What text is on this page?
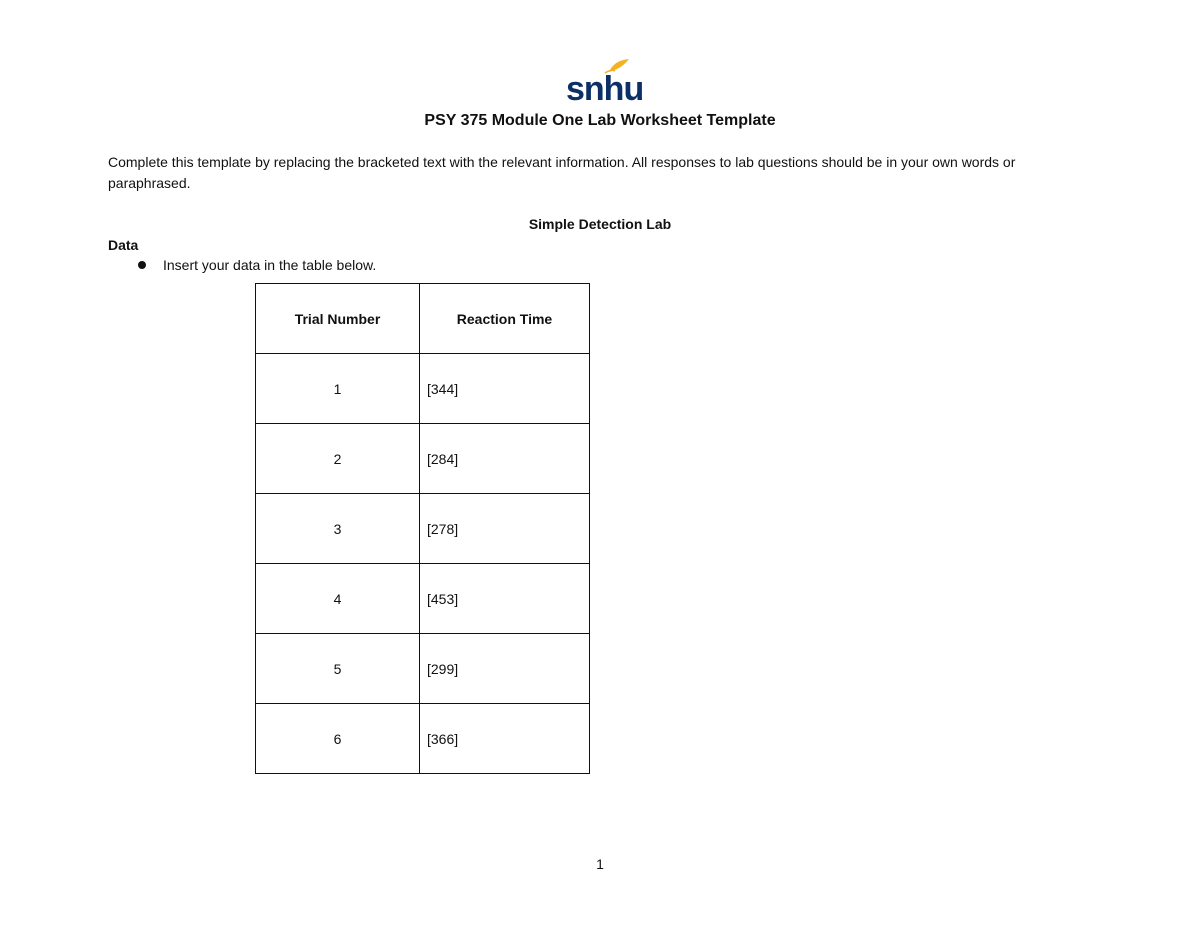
snhu
PSY 375 Module One Lab Worksheet Template
Complete this template by replacing the bracketed text with the relevant information. All responses to lab questions should be in your own words or paraphrased.
Simple Detection Lab
Data
Insert your data in the table below.
Trial Number	Reaction Time
1	[344]
2	[284]
3	[278]
4	[453]
5	[299]
6	[366]
1
